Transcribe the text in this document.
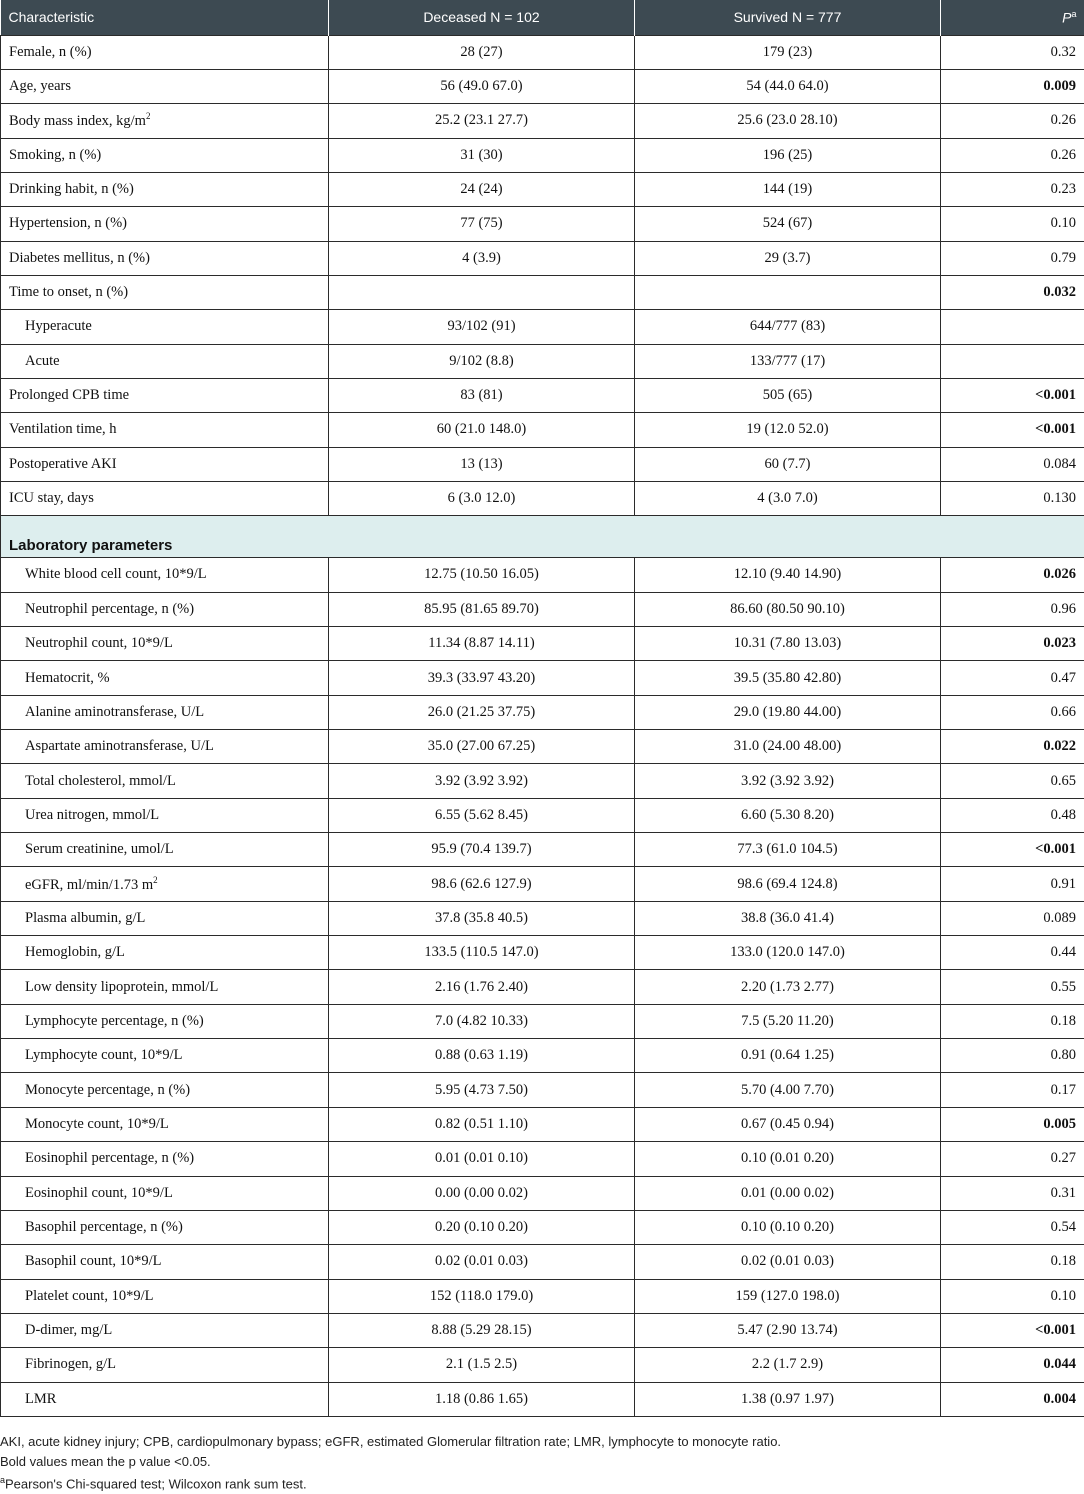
Characteristic	Deceased N = 102	Survived N = 777	$P^a$
Female, n (%)	28 (27)	179 (23)	0.32
Age, years	56 (49.0 67.0)	54 (44.0 64.0)	0.009
Body mass index, $kg/m^2$	25.2 (23.1 27.7)	25.6 (23.0 28.10)	0.26
Smoking, n (%)	31 (30)	196 (25)	0.26
Drinking habit, n (%)	24 (24)	144 (19)	0.23
Hypertension, n (%)	77 (75)	524 (67)	0.10
Diabetes mellitus, n (%)	4 (3.9)	29 (3.7)	0.79
Time to onset, n (%)			0.032
Hyperacute	93/102 (91)	644/777 (83)	
Acute	9/102 (8.8)	133/777 (17)	
Prolonged CPB time	83 (81)	505 (65)	<0.001
Ventilation time, h	60 (21.0 148.0)	19 (12.0 52.0)	<0.001
Postoperative AKI	13 (13)	60 (7.7)	0.084
ICU stay, days	6 (3.0 12.0)	4 (3.0 7.0)	0.130
Laboratory parameters			
White blood cell count, 10*9/L	12.75 (10.50 16.05)	12.10 (9.40 14.90)	0.026
Neutrophil percentage, n (%)	85.95 (81.65 89.70)	86.60 (80.50 90.10)	0.96
Neutrophil count, 10*9/L	11.34 (8.87 14.11)	10.31 (7.80 13.03)	0.023
Hematocrit, %	39.3 (33.97 43.20)	39.5 (35.80 42.80)	0.47
Alanine aminotransferase, U/L	26.0 (21.25 37.75)	29.0 (19.80 44.00)	0.66
Aspartate aminotransferase, U/L	35.0 (27.00 67.25)	31.0 (24.00 48.00)	0.022
Total cholesterol, mmol/L	3.92 (3.92 3.92)	3.92 (3.92 3.92)	0.65
Urea nitrogen, mmol/L	6.55 (5.62 8.45)	6.60 (5.30 8.20)	0.48
Serum creatinine, umol/L	95.9 (70.4 139.7)	77.3 (61.0 104.5)	<0.001
eGFR, ml/min/1.73 $m^2$	98.6 (62.6 127.9)	98.6 (69.4 124.8)	0.91
Plasma albumin, g/L	37.8 (35.8 40.5)	38.8 (36.0 41.4)	0.089
Hemoglobin, g/L	133.5 (110.5 147.0)	133.0 (120.0 147.0)	0.44
Low density lipoprotein, mmol/L	2.16 (1.76 2.40)	2.20 (1.73 2.77)	0.55
Lymphocyte percentage, n (%)	7.0 (4.82 10.33)	7.5 (5.20 11.20)	0.18
Lymphocyte count, 10*9/L	0.88 (0.63 1.19)	0.91 (0.64 1.25)	0.80
Monocyte percentage, n (%)	5.95 (4.73 7.50)	5.70 (4.00 7.70)	0.17
Monocyte count, 10*9/L	0.82 (0.51 1.10)	0.67 (0.45 0.94)	0.005
Eosinophil percentage, n (%)	0.01 (0.01 0.10)	0.10 (0.01 0.20)	0.27
Eosinophil count, 10*9/L	0.00 (0.00 0.02)	0.01 (0.00 0.02)	0.31
Basophil percentage, n (%)	0.20 (0.10 0.20)	0.10 (0.10 0.20)	0.54
Basophil count, 10*9/L	0.02 (0.01 0.03)	0.02 (0.01 0.03)	0.18
Platelet count, 10*9/L	152 (118.0 179.0)	159 (127.0 198.0)	0.10
D-dimer, mg/L	8.88 (5.29 28.15)	5.47 (2.90 13.74)	<0.001
Fibrinogen, g/L	2.1 (1.5 2.5)	2.2 (1.7 2.9)	0.044
LMR	1.18 (0.86 1.65)	1.38 (0.97 1.97)	0.004
AKI, acute kidney injury; CPB, cardiopulmonary bypass; eGFR, estimated Glomerular filtration rate; LMR, lymphocyte to monocyte ratio.
Bold values mean the p value <0.05.
$^a$Pearson's Chi-squared test; Wilcoxon rank sum test.
